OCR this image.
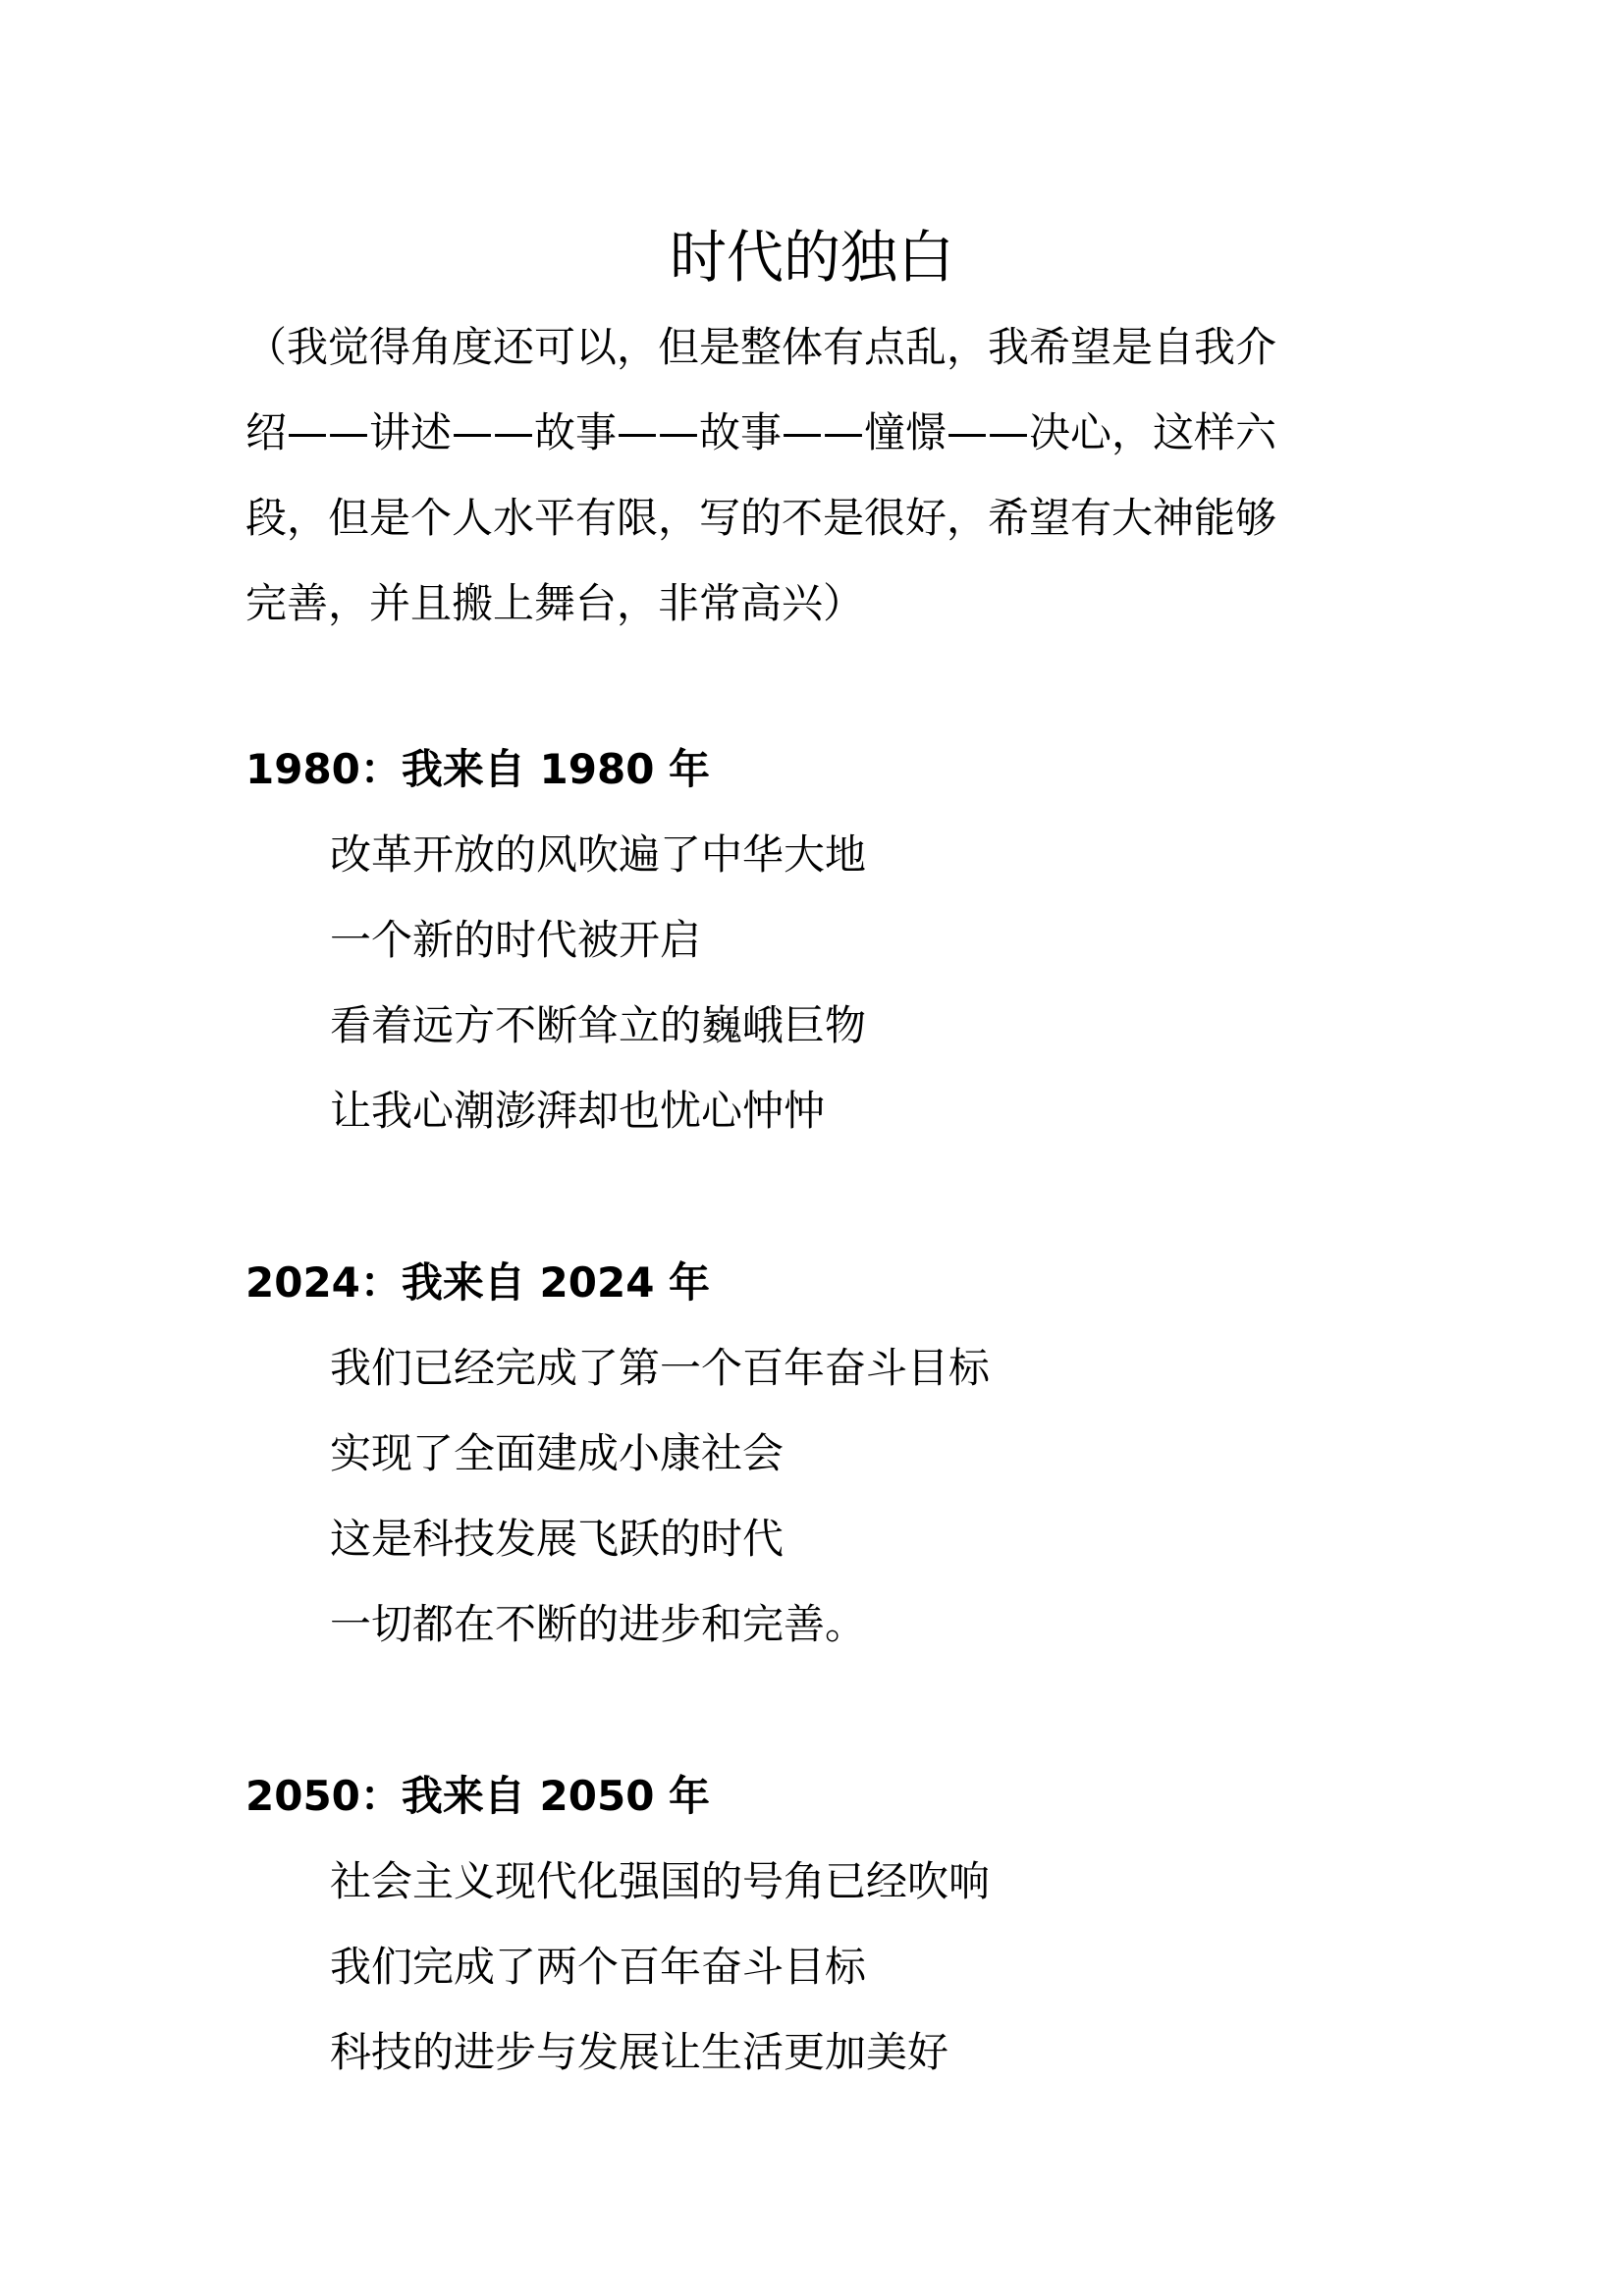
时代的独白

（我觉得角度还可以，但是整体有点乱，我希望是自我介
绍——讲述——故事——故事——憧憬——决心，这样六
段，但是个人水平有限，写的不是很好，希望有大神能够
完善，并且搬上舞台，非常高兴）

1980：我来自 1980 年
改革开放的风吹遍了中华大地
一个新的时代被开启
看着远方不断耸立的巍峨巨物
让我心潮澎湃却也忧心忡忡
2024：我来自 2024 年
我们已经完成了第一个百年奋斗目标
实现了全面建成小康社会
这是科技发展飞跃的时代
一切都在不断的进步和完善。
2050：我来自 2050 年
社会主义现代化强国的号角已经吹响
我们完成了两个百年奋斗目标
科技的进步与发展让生活更加美好
